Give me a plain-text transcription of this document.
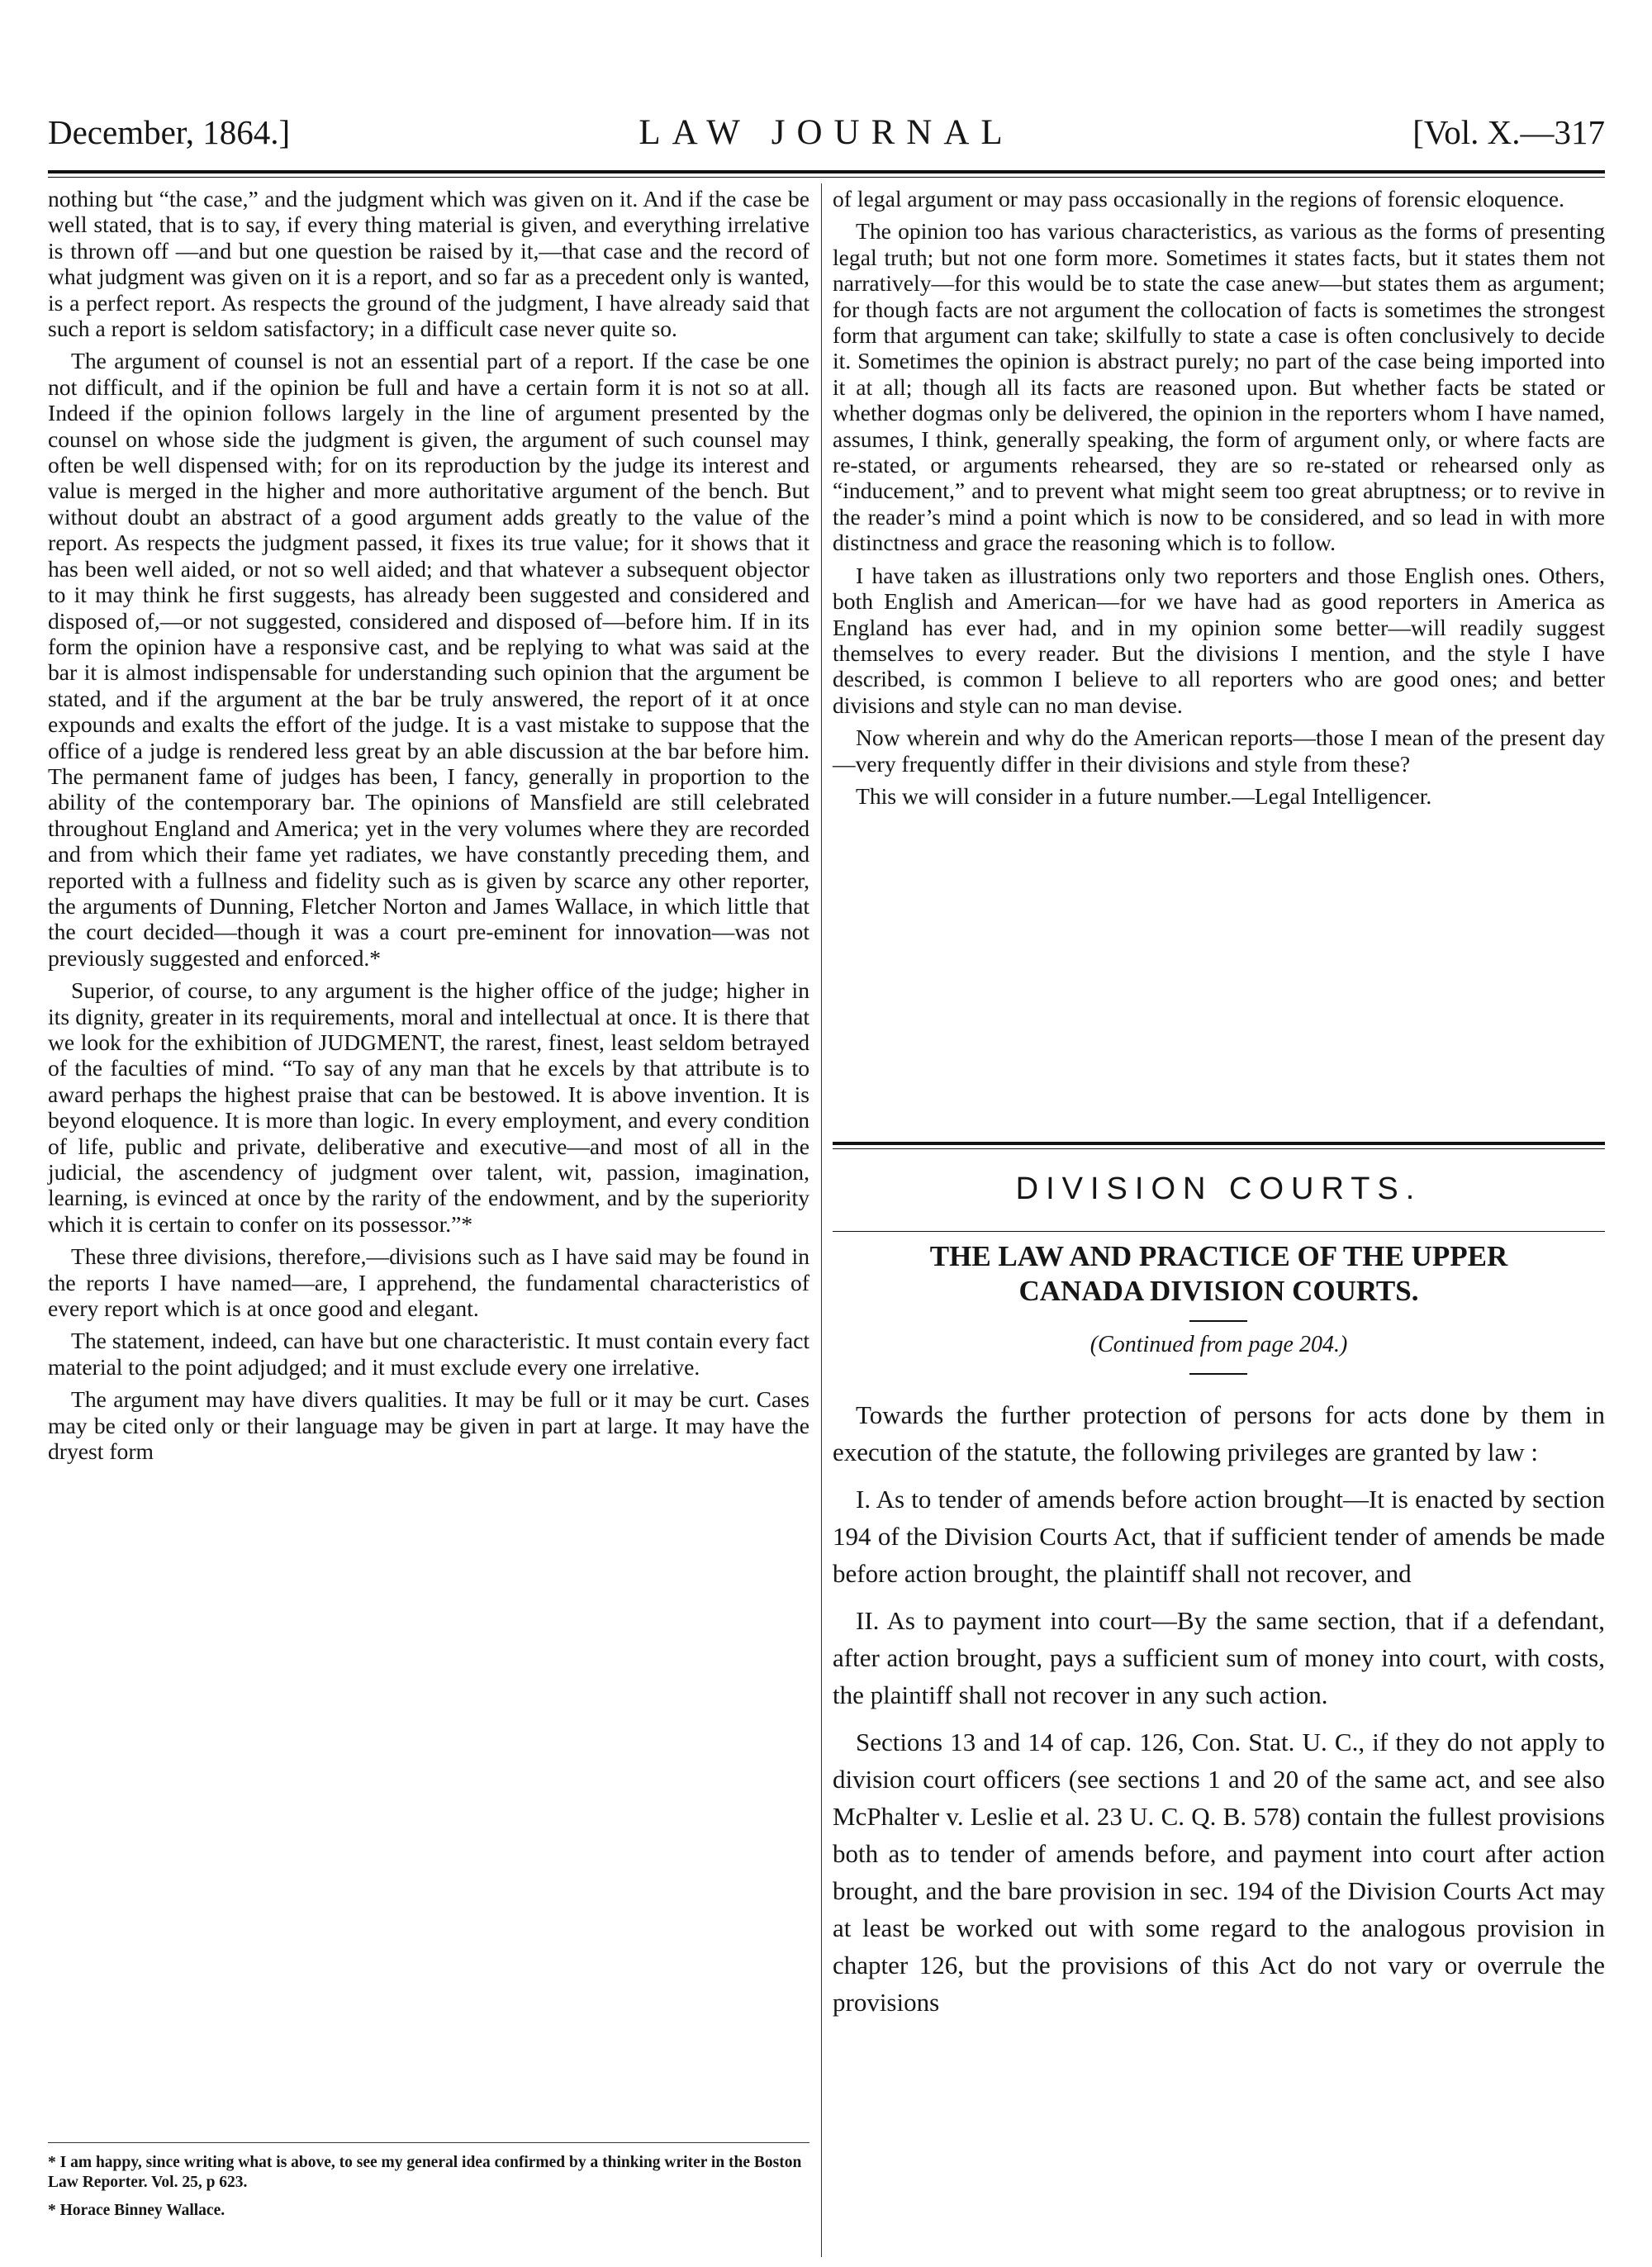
December, 1864.]	LAW JOURNAL	[Vol. X.—317

nothing but “the case,” and the judgment which was given on it. And if the case be well stated, that is to say, if every thing material is given, and everything irrelative is thrown off —and but one question be raised by it,—that case and the record of what judgment was given on it is a report, and so far as a precedent only is wanted, is a perfect report. As respects the ground of the judgment, I have already said that such a report is seldom satisfactory; in a difficult case never quite so.

The argument of counsel is not an essential part of a report. If the case be one not difficult, and if the opinion be full and have a certain form it is not so at all. Indeed if the opinion follows largely in the line of argument presented by the counsel on whose side the judgment is given, the argument of such counsel may often be well dispensed with; for on its reproduction by the judge its interest and value is merged in the higher and more authoritative argument of the bench. But without doubt an abstract of a good argument adds greatly to the value of the report. As respects the judgment passed, it fixes its true value; for it shows that it has been well aided, or not so well aided; and that whatever a subsequent objector to it may think he first suggests, has already been suggested and considered and disposed of,—or not suggested, considered and disposed of—before him. If in its form the opinion have a responsive cast, and be replying to what was said at the bar it is almost indispensable for understanding such opinion that the argument be stated, and if the argument at the bar be truly answered, the report of it at once expounds and exalts the effort of the judge. It is a vast mistake to suppose that the office of a judge is rendered less great by an able discussion at the bar before him. The permanent fame of judges has been, I fancy, generally in proportion to the ability of the contemporary bar. The opinions of Mansfield are still celebrated throughout England and America; yet in the very volumes where they are recorded and from which their fame yet radiates, we have constantly preceding them, and reported with a fullness and fidelity such as is given by scarce any other reporter, the arguments of Dunning, Fletcher Norton and James Wallace, in which little that the court decided—though it was a court pre-eminent for innovation—was not previously suggested and enforced.*

Superior, of course, to any argument is the higher office of the judge; higher in its dignity, greater in its requirements, moral and intellectual at once. It is there that we look for the exhibition of JUDGMENT, the rarest, finest, least seldom betrayed of the faculties of mind. “To say of any man that he excels by that attribute is to award perhaps the highest praise that can be bestowed. It is above invention. It is beyond eloquence. It is more than logic. In every employment, and every condition of life, public and private, deliberative and executive—and most of all in the judicial, the ascendency of judgment over talent, wit, passion, imagination, learning, is evinced at once by the rarity of the endowment, and by the superiority which it is certain to confer on its possessor.”*

These three divisions, therefore,—divisions such as I have said may be found in the reports I have named—are, I apprehend, the fundamental characteristics of every report which is at once good and elegant.

The statement, indeed, can have but one characteristic. It must contain every fact material to the point adjudged; and it must exclude every one irrelative.

The argument may have divers qualities. It may be full or it may be curt. Cases may be cited only or their language may be given in part at large. It may have the dryest form

* I am happy, since writing what is above, to see my general idea confirmed by a thinking writer in the Boston Law Reporter. Vol. 25, p 623.
* Horace Binney Wallace.

of legal argument or may pass occasionally in the regions of forensic eloquence.

The opinion too has various characteristics, as various as the forms of presenting legal truth; but not one form more. Sometimes it states facts, but it states them not narratively—for this would be to state the case anew—but states them as argument; for though facts are not argument the collocation of facts is sometimes the strongest form that argument can take; skilfully to state a case is often conclusively to decide it. Sometimes the opinion is abstract purely; no part of the case being imported into it at all; though all its facts are reasoned upon. But whether facts be stated or whether dogmas only be delivered, the opinion in the reporters whom I have named, assumes, I think, generally speaking, the form of argument only, or where facts are re-stated, or arguments rehearsed, they are so re-stated or rehearsed only as “inducement,” and to prevent what might seem too great abruptness; or to revive in the reader’s mind a point which is now to be considered, and so lead in with more distinctness and grace the reasoning which is to follow.

I have taken as illustrations only two reporters and those English ones. Others, both English and American—for we have had as good reporters in America as England has ever had, and in my opinion some better—will readily suggest themselves to every reader. But the divisions I mention, and the style I have described, is common I believe to all reporters who are good ones; and better divisions and style can no man devise.

Now wherein and why do the American reports—those I mean of the present day—very frequently differ in their divisions and style from these?

This we will consider in a future number.—Legal Intelligencer.

DIVISION COURTS.
THE LAW AND PRACTICE OF THE UPPER
CANADA DIVISION COURTS.
(Continued from page 204.)

Towards the further protection of persons for acts done by them in execution of the statute, the following privileges are granted by law :

I. As to tender of amends before action brought—It is enacted by section 194 of the Division Courts Act, that if sufficient tender of amends be made before action brought, the plaintiff shall not recover, and

II. As to payment into court—By the same section, that if a defendant, after action brought, pays a sufficient sum of money into court, with costs, the plaintiff shall not recover in any such action.

Sections 13 and 14 of cap. 126, Con. Stat. U. C., if they do not apply to division court officers (see sections 1 and 20 of the same act, and see also McPhalter v. Leslie et al. 23 U. C. Q. B. 578) contain the fullest provisions both as to tender of amends before, and payment into court after action brought, and the bare provision in sec. 194 of the Division Courts Act may at least be worked out with some regard to the analogous provision in chapter 126, but the provisions of this Act do not vary or overrule the provisions
